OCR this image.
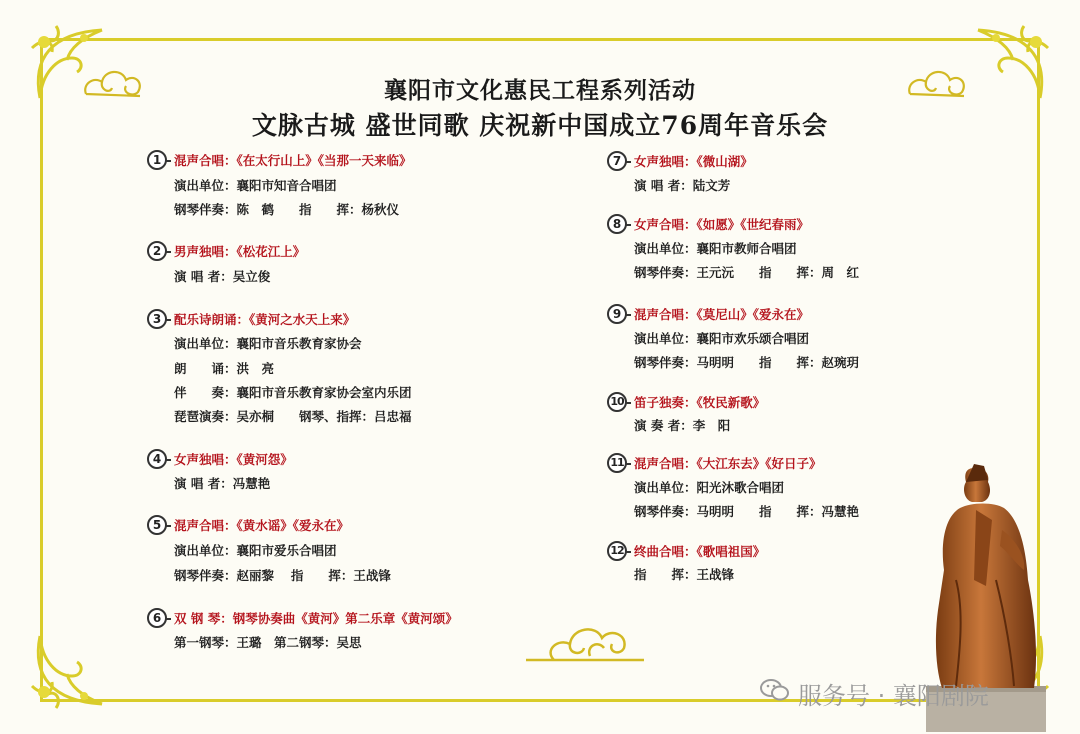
襄阳市文化惠民工程系列活动
文脉古城 盛世同歌 庆祝新中国成立76周年音乐会
1	混声合唱：《在太行山上》《当那一天来临》
演出单位：襄阳市知音合唱团
钢琴伴奏：陈　鹤　　指　　挥：杨秋仪
2	男声独唱：《松花江上》
演 唱 者：吴立俊
3	配乐诗朗诵：《黄河之水天上来》
演出单位：襄阳市音乐教育家协会
朗　　诵：洪　亮
伴　　奏：襄阳市音乐教育家协会室内乐团
琵琶演奏：吴亦桐　　钢琴、指挥：吕忠福
4	女声独唱：《黄河怨》
演 唱 者：冯慧艳
5	混声合唱：《黄水谣》《爱永在》
演出单位：襄阳市爱乐合唱团
钢琴伴奏：赵丽黎　 指　　挥：王战锋
6	双 钢 琴：钢琴协奏曲《黄河》第二乐章《黄河颂》
第一钢琴：王璐　第二钢琴：吴思
7	女声独唱：《微山湖》
演 唱 者：陆文芳
8	女声合唱：《如愿》《世纪春雨》
演出单位：襄阳市教师合唱团
钢琴伴奏：王元沅　　指　　挥：周　红
9	混声合唱：《莫尼山》《爱永在》
演出单位：襄阳市欢乐颂合唱团
钢琴伴奏：马明明　　指　　挥：赵琬玥
10 笛子独奏：《牧民新歌》
演 奏 者：李　阳
11 混声合唱：《大江东去》《好日子》
演出单位：阳光沐歌合唱团
钢琴伴奏：马明明　　指　　挥：冯慧艳
12 终曲合唱：《歌唱祖国》
指　　挥：王战锋
服务号 · 襄阳剧院
